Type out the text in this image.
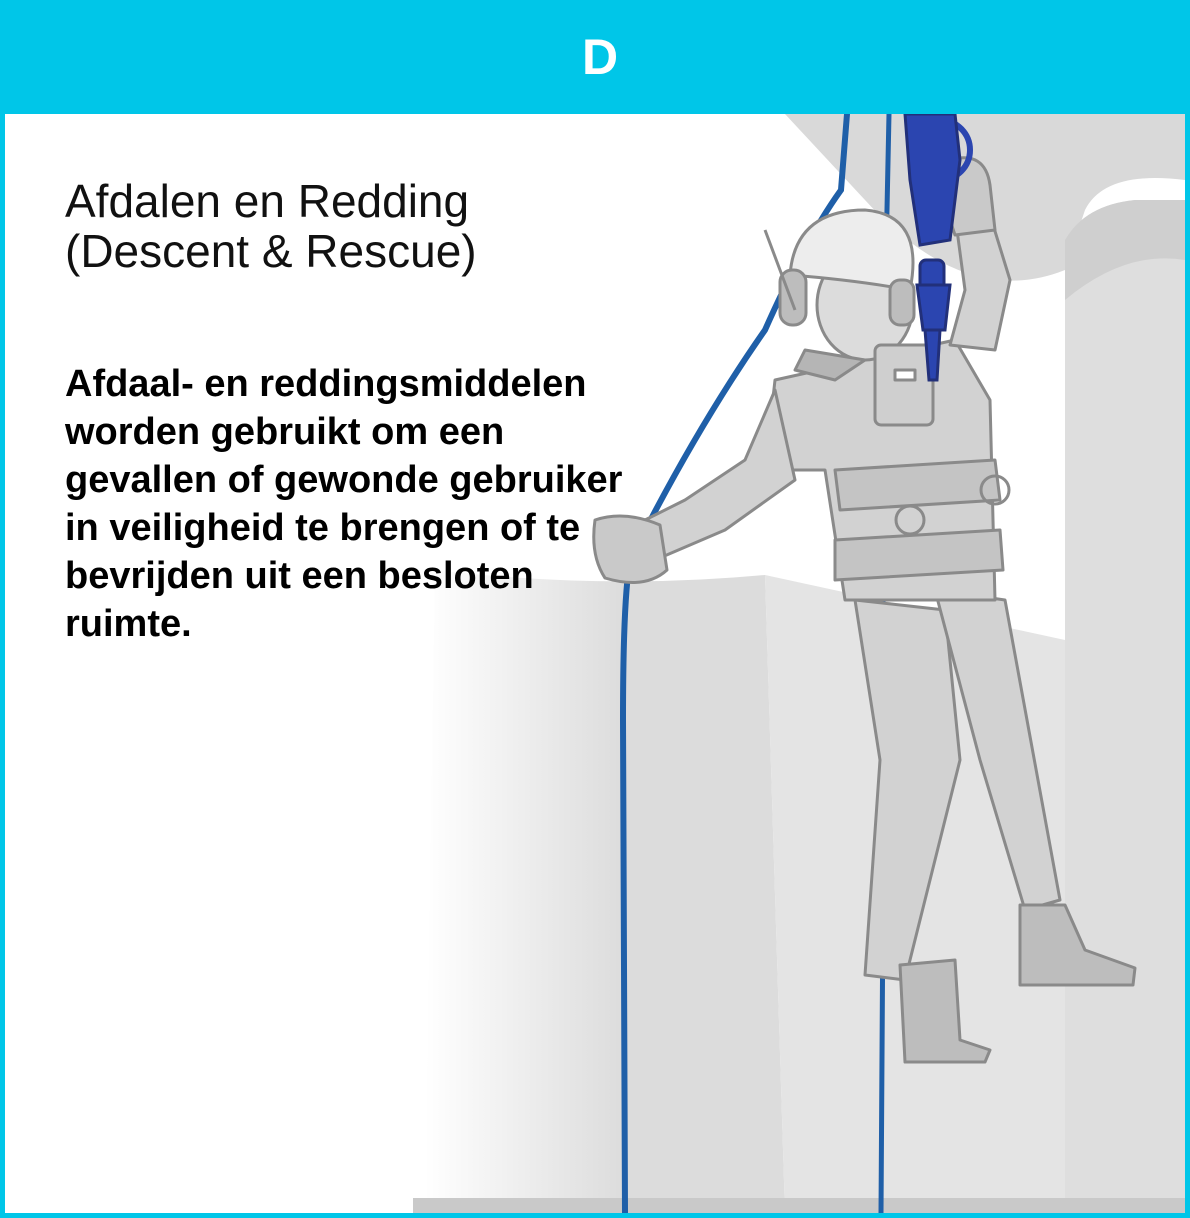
D
Afdalen en Redding
(Descent & Rescue)

Afdaal- en reddingsmiddelen worden gebruikt om een gevallen of gewonde gebruiker in veiligheid te brengen of te bevrijden uit een besloten ruimte.
